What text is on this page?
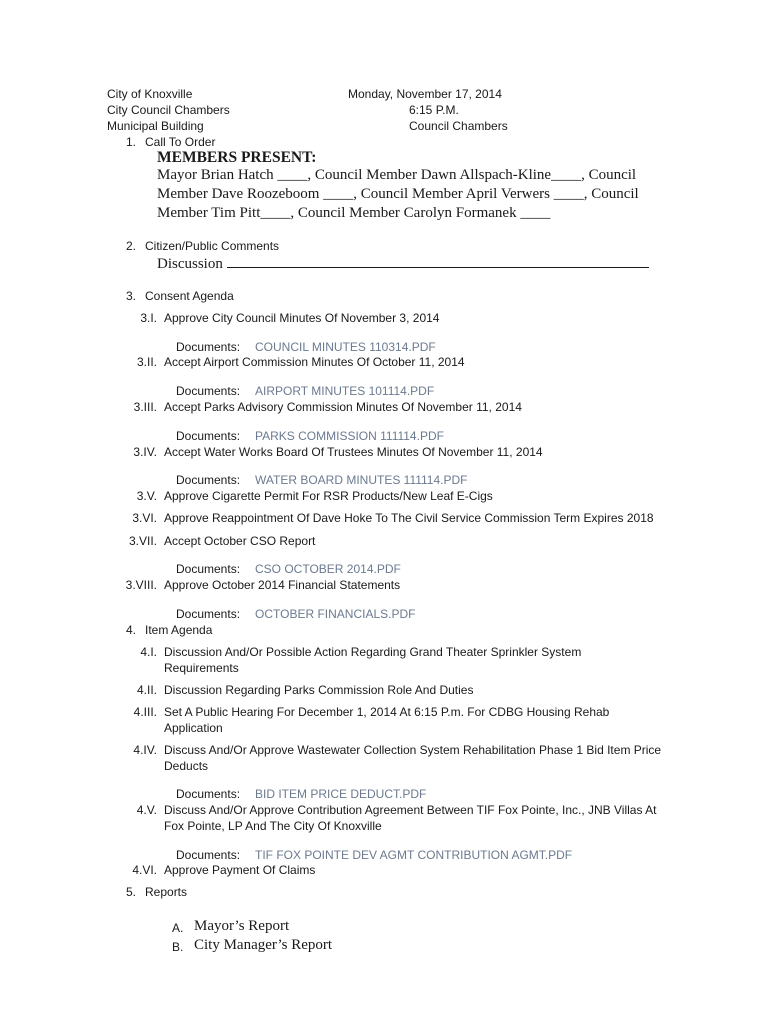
City of Knoxville
City Council Chambers
Municipal Building
Monday, November 17, 2014
6:15 P.M.
Council Chambers
1. Call To Order
MEMBERS PRESENT:
Mayor Brian Hatch ____, Council Member Dawn Allspach-Kline____, Council
Member Dave Roozeboom ____, Council Member April Verwers ____, Council
Member Tim Pitt____, Council Member Carolyn Formanek ____
2. Citizen/Public Comments
Discussion
3. Consent Agenda
3.I. Approve City Council Minutes Of November 3, 2014
Documents: COUNCIL MINUTES 110314.PDF
3.II. Accept Airport Commission Minutes Of October 11, 2014
Documents: AIRPORT MINUTES 101114.PDF
3.III. Accept Parks Advisory Commission Minutes Of November 11, 2014
Documents: PARKS COMMISSION 111114.PDF
3.IV. Accept Water Works Board Of Trustees Minutes Of November 11, 2014
Documents: WATER BOARD MINUTES 111114.PDF
3.V. Approve Cigarette Permit For RSR Products/New Leaf E-Cigs
3.VI. Approve Reappointment Of Dave Hoke To The Civil Service Commission Term Expires 2018
3.VII. Accept October CSO Report
Documents: CSO OCTOBER 2014.PDF
3.VIII. Approve October 2014 Financial Statements
Documents: OCTOBER FINANCIALS.PDF
4. Item Agenda
4.I. Discussion And/Or Possible Action Regarding Grand Theater Sprinkler System Requirements
4.II. Discussion Regarding Parks Commission Role And Duties
4.III. Set A Public Hearing For December 1, 2014 At 6:15 P.m. For CDBG Housing Rehab Application
4.IV. Discuss And/Or Approve Wastewater Collection System Rehabilitation Phase 1 Bid Item Price Deducts
Documents: BID ITEM PRICE DEDUCT.PDF
4.V. Discuss And/Or Approve Contribution Agreement Between TIF Fox Pointe, Inc., JNB Villas At Fox Pointe, LP And The City Of Knoxville
Documents: TIF FOX POINTE DEV AGMT CONTRIBUTION AGMT.PDF
4.VI. Approve Payment Of Claims
5. Reports
A. Mayor’s Report
B. City Manager’s Report
